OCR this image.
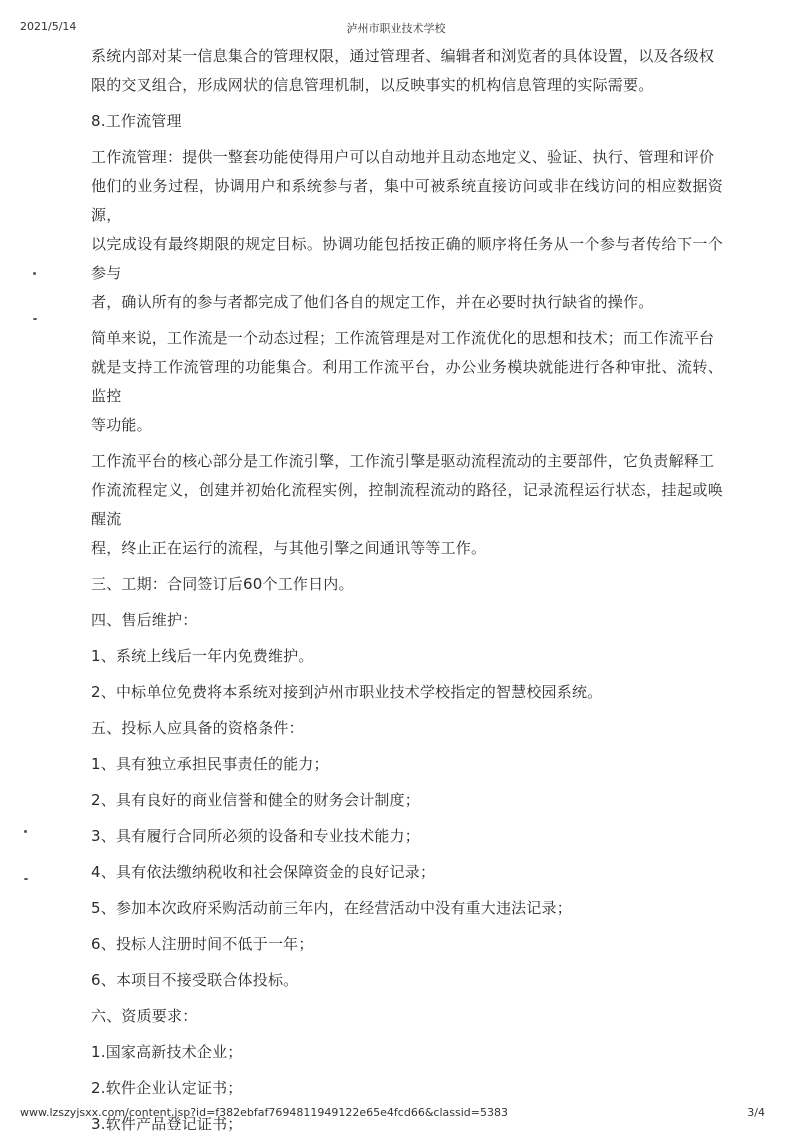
2021/5/14	泸州市职业技术学校

系统内部对某一信息集合的管理权限，通过管理者、编辑者和浏览者的具体设置，以及各级权

限的交叉组合，形成网状的信息管理机制，以反映事实的机构信息管理的实际需要。

8.工作流管理

工作流管理：提供一整套功能使得用户可以自动地并且动态地定义、验证、执行、管理和评价

他们的业务过程，协调用户和系统参与者，集中可被系统直接访问或非在线访问的相应数据资源，

以完成设有最终期限的规定目标。协调功能包括按正确的顺序将任务从一个参与者传给下一个参与

者，确认所有的参与者都完成了他们各自的规定工作，并在必要时执行缺省的操作。

简单来说，工作流是一个动态过程；工作流管理是对工作流优化的思想和技术；而工作流平台

就是支持工作流管理的功能集合。利用工作流平台，办公业务模块就能进行各种审批、流转、监控

等功能。

工作流平台的核心部分是工作流引擎，工作流引擎是驱动流程流动的主要部件，它负责解释工

作流流程定义，创建并初始化流程实例，控制流程流动的路径，记录流程运行状态，挂起或唤醒流

程，终止正在运行的流程，与其他引擎之间通讯等等工作。

三、工期：合同签订后60个工作日内。

四、售后维护：

1、系统上线后一年内免费维护。

2、中标单位免费将本系统对接到泸州市职业技术学校指定的智慧校园系统。

五、投标人应具备的资格条件：

1、具有独立承担民事责任的能力；

2、具有良好的商业信誉和健全的财务会计制度；

3、具有履行合同所必须的设备和专业技术能力；

4、具有依法缴纳税收和社会保障资金的良好记录；

5、参加本次政府采购活动前三年内，在经营活动中没有重大违法记录；

6、投标人注册时间不低于一年；

6、本项目不接受联合体投标。

六、资质要求：

1.国家高新技术企业；

2.软件企业认定证书；

3.软件产品登记证书；

www.lzszyjsxx.com/content.jsp?id=f382ebfaf7694811949122e65e4fcd66&classid=5383	3/4
